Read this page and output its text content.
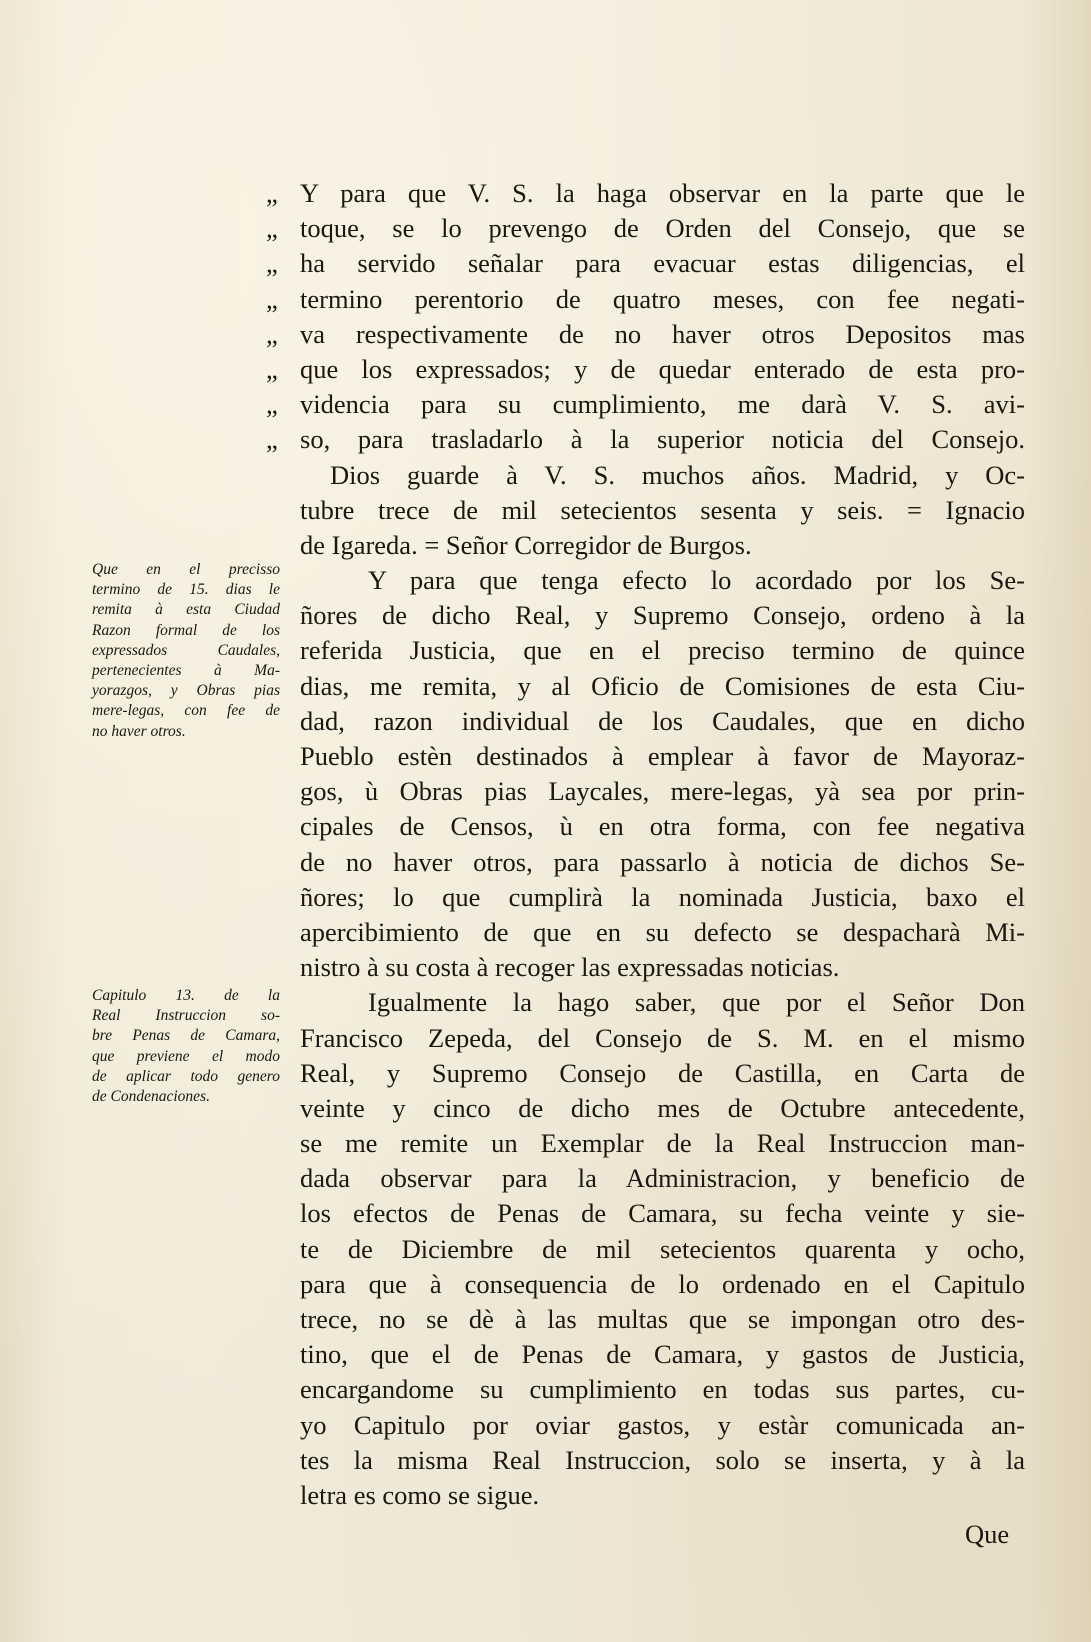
Que en el precisso
termino de 15. dias le
remita à esta Ciudad
Razon formal de los
expressados Caudales,
pertenecientes à Ma-
yorazgos, y Obras pias
mere-legas, con fee de
no haver otros.
Capitulo 13. de la
Real Instruccion so-
bre Penas de Camara,
que previene el modo
de aplicar todo genero
de Condenaciones.
„ Y para que V. S. la haga observar en la parte que le
„ toque, se lo prevengo de Orden del Consejo, que se
„ ha servido señalar para evacuar estas diligencias, el
„ termino perentorio de quatro meses, con fee negati-
„ va respectivamente de no haver otros Depositos mas
„ que los expressados; y de quedar enterado de esta pro-
„ videncia para su cumplimiento, me darà V. S. avi-
„ so, para trasladarlo à la superior noticia del Consejo.
Dios guarde à V. S. muchos años. Madrid, y Oc-
tubre trece de mil setecientos sesenta y seis. = Ignacio
de Igareda. = Señor Corregidor de Burgos.
Y para que tenga efecto lo acordado por los Se-
ñores de dicho Real, y Supremo Consejo, ordeno à la
referida Justicia, que en el preciso termino de quince
dias, me remita, y al Oficio de Comisiones de esta Ciu-
dad, razon individual de los Caudales, que en dicho
Pueblo estèn destinados à emplear à favor de Mayoraz-
gos, ù Obras pias Laycales, mere-legas, yà sea por prin-
cipales de Censos, ù en otra forma, con fee negativa
de no haver otros, para passarlo à noticia de dichos Se-
ñores; lo que cumplirà la nominada Justicia, baxo el
apercibimiento de que en su defecto se despacharà Mi-
nistro à su costa à recoger las expressadas noticias.
Igualmente la hago saber, que por el Señor Don
Francisco Zepeda, del Consejo de S. M. en el mismo
Real, y Supremo Consejo de Castilla, en Carta de
veinte y cinco de dicho mes de Octubre antecedente,
se me remite un Exemplar de la Real Instruccion man-
dada observar para la Administracion, y beneficio de
los efectos de Penas de Camara, su fecha veinte y sie-
te de Diciembre de mil setecientos quarenta y ocho,
para que à consequencia de lo ordenado en el Capitulo
trece, no se dè à las multas que se impongan otro des-
tino, que el de Penas de Camara, y gastos de Justicia,
encargandome su cumplimiento en todas sus partes, cu-
yo Capitulo por oviar gastos, y estàr comunicada an-
tes la misma Real Instruccion, solo se inserta, y à la
letra es como se sigue.
Que
